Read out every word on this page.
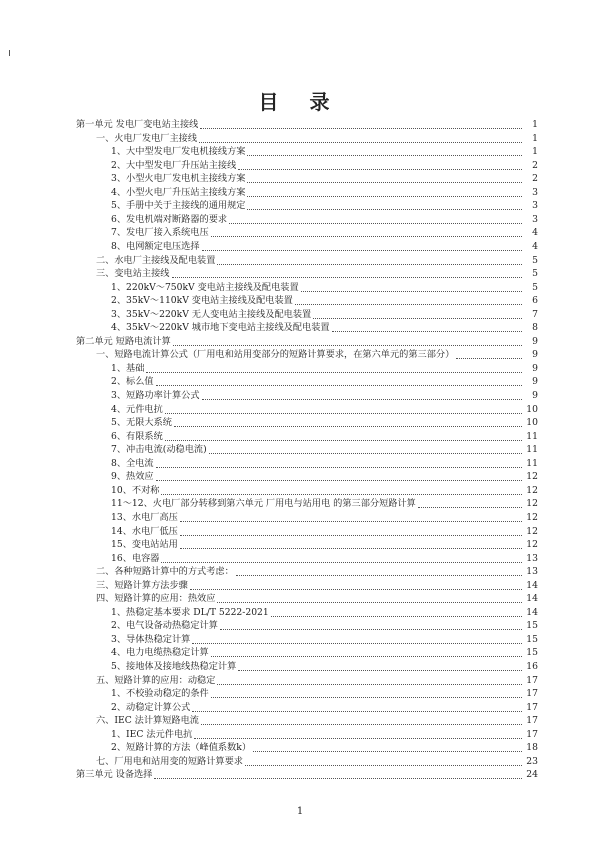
目 录
第一单元 发电厂变电站主接线	1
一、火电厂发电厂主接线	1
1、大中型发电厂发电机接线方案	1
2、大中型发电厂升压站主接线	2
3、小型火电厂发电机主接线方案	2
4、小型火电厂升压站主接线方案	3
5、手册中关于主接线的通用规定	3
6、发电机端对断路器的要求	3
7、发电厂接入系统电压	4
8、电网额定电压选择	4
二、水电厂主接线及配电装置	5
三、变电站主接线	5
1、220kV～750kV 变电站主接线及配电装置	5
2、35kV～110kV 变电站主接线及配电装置	6
3、35kV～220kV 无人变电站主接线及配电装置	7
4、35kV～220kV 城市地下变电站主接线及配电装置	8
第二单元 短路电流计算	9
一、短路电流计算公式（厂用电和站用变部分的短路计算要求，在第六单元的第三部分）	9
1、基础	9
2、标么值	9
3、短路功率计算公式	9
4、元件电抗	10
5、无限大系统	10
6、有限系统	11
7、冲击电流(动稳电流)	11
8、全电流	11
9、热效应	12
10、不对称	12
11～12、火电厂部分转移到第六单元 厂用电与站用电 的第三部分短路计算	12
13、水电厂高压	12
14、水电厂低压	12
15、变电站站用	12
16、电容器	13
二、各种短路计算中的方式考虑：	13
三、短路计算方法步骤	14
四、短路计算的应用：热效应	14
1、热稳定基本要求 DL/T 5222-2021	14
2、电气设备动热稳定计算	15
3、导体热稳定计算	15
4、电力电缆热稳定计算	15
5、接地体及接地线热稳定计算	16
五、短路计算的应用：动稳定	17
1、不校验动稳定的条件	17
2、动稳定计算公式	17
六、IEC 法计算短路电流	17
1、IEC 法元件电抗	17
2、短路计算的方法（峰值系数k）	18
七、厂用电和站用变的短路计算要求	23
第三单元 设备选择	24
1
